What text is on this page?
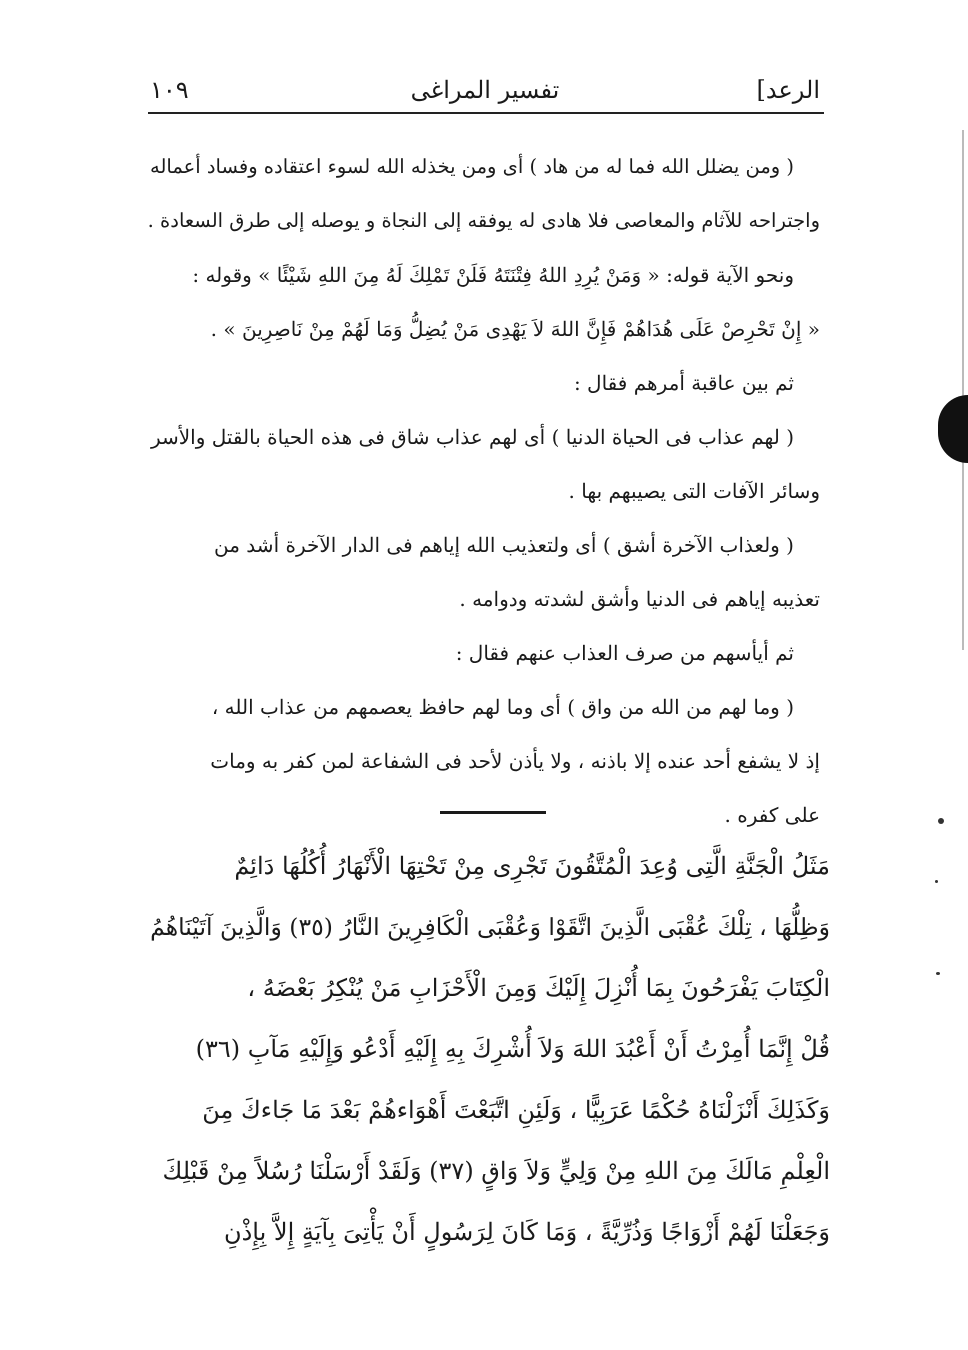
الرعد]
تفسير المراغى
١٠٩
( ومن يضلل الله فما له من هاد ) أى ومن يخذله الله لسوء اعتقاده وفساد أعماله
واجتراحه للآثام والمعاصى فلا هادى له يوفقه إلى النجاة و يوصله إلى طرق السعادة .
ونحو الآية قوله: « وَمَنْ يُرِدِ اللهُ فِتْنَتَهُ فَلَنْ تَمْلِكَ لَهُ مِنَ اللهِ شَيْئًا » وقوله :
« إِنْ تَحْرِصْ عَلَى هُدَاهُمْ فَإِنَّ اللهَ لاَ يَهْدِى مَنْ يُضِلُّ وَمَا لَهُمْ مِنْ نَاصِرِينَ » .
ثم بين عاقبة أمرهم فقال :
( لهم عذاب فى الحياة الدنيا ) أى لهم عذاب شاق فى هذه الحياة بالقتل والأسر
وسائر الآفات التى يصيبهم بها .
( ولعذاب الآخرة أشق ) أى ولتعذيب الله إياهم فى الدار الآخرة أشد من
تعذيبه إياهم فى الدنيا وأشق لشدته ودوامه .
ثم أيأسهم من صرف العذاب عنهم فقال :
( وما لهم من الله من واق ) أى وما لهم حافظ يعصمهم من عذاب الله ،
إذ لا يشفع أحد عنده إلا باذنه ، ولا يأذن لأحد فى الشفاعة لمن كفر به ومات
على كفره .
مَثَلُ الْجَنَّةِ الَّتِى وُعِدَ الْمُتَّقُونَ تَجْرِى مِنْ تَحْتِهَا الْأَنْهَارُ أُكُلُهَا دَائِمٌ
وَظِلُّهَا ، تِلْكَ عُقْبَى الَّذِينَ اتَّقَوْا وَعُقْبَى الْكَافِرِينَ النَّارُ (٣٥) وَالَّذِينَ آتَيْنَاهُمُ
الْكِتَابَ يَفْرَحُونَ بِمَا أُنْزِلَ إِلَيْكَ وَمِنَ الْأَحْزَابِ مَنْ يُنْكِرُ بَعْضَهُ ،
قُلْ إِنَّمَا أُمِرْتُ أَنْ أَعْبُدَ اللهَ وَلاَ أُشْرِكَ بِهِ إِلَيْهِ أَدْعُو وَإِلَيْهِ مَآبِ (٣٦)
وَكَذَلِكَ أَنْزَلْنَاهُ حُكْمًا عَرَبِيًّا ، وَلَئِنِ اتَّبَعْتَ أَهْوَاءهُمْ بَعْدَ مَا جَاءكَ مِنَ
الْعِلْمِ مَالَكَ مِنَ اللهِ مِنْ وَلِيٍّ وَلاَ وَاقٍ (٣٧) وَلَقَدْ أَرْسَلْنَا رُسُلاً مِنْ قَبْلِكَ
وَجَعَلْنَا لَهُمْ أَزْوَاجًا وَذُرِّيَّةً ، وَمَا كَانَ لِرَسُولٍ أَنْ يَأْتِىَ بِآيَةٍ إِلاَّ بِإِذْنِ
